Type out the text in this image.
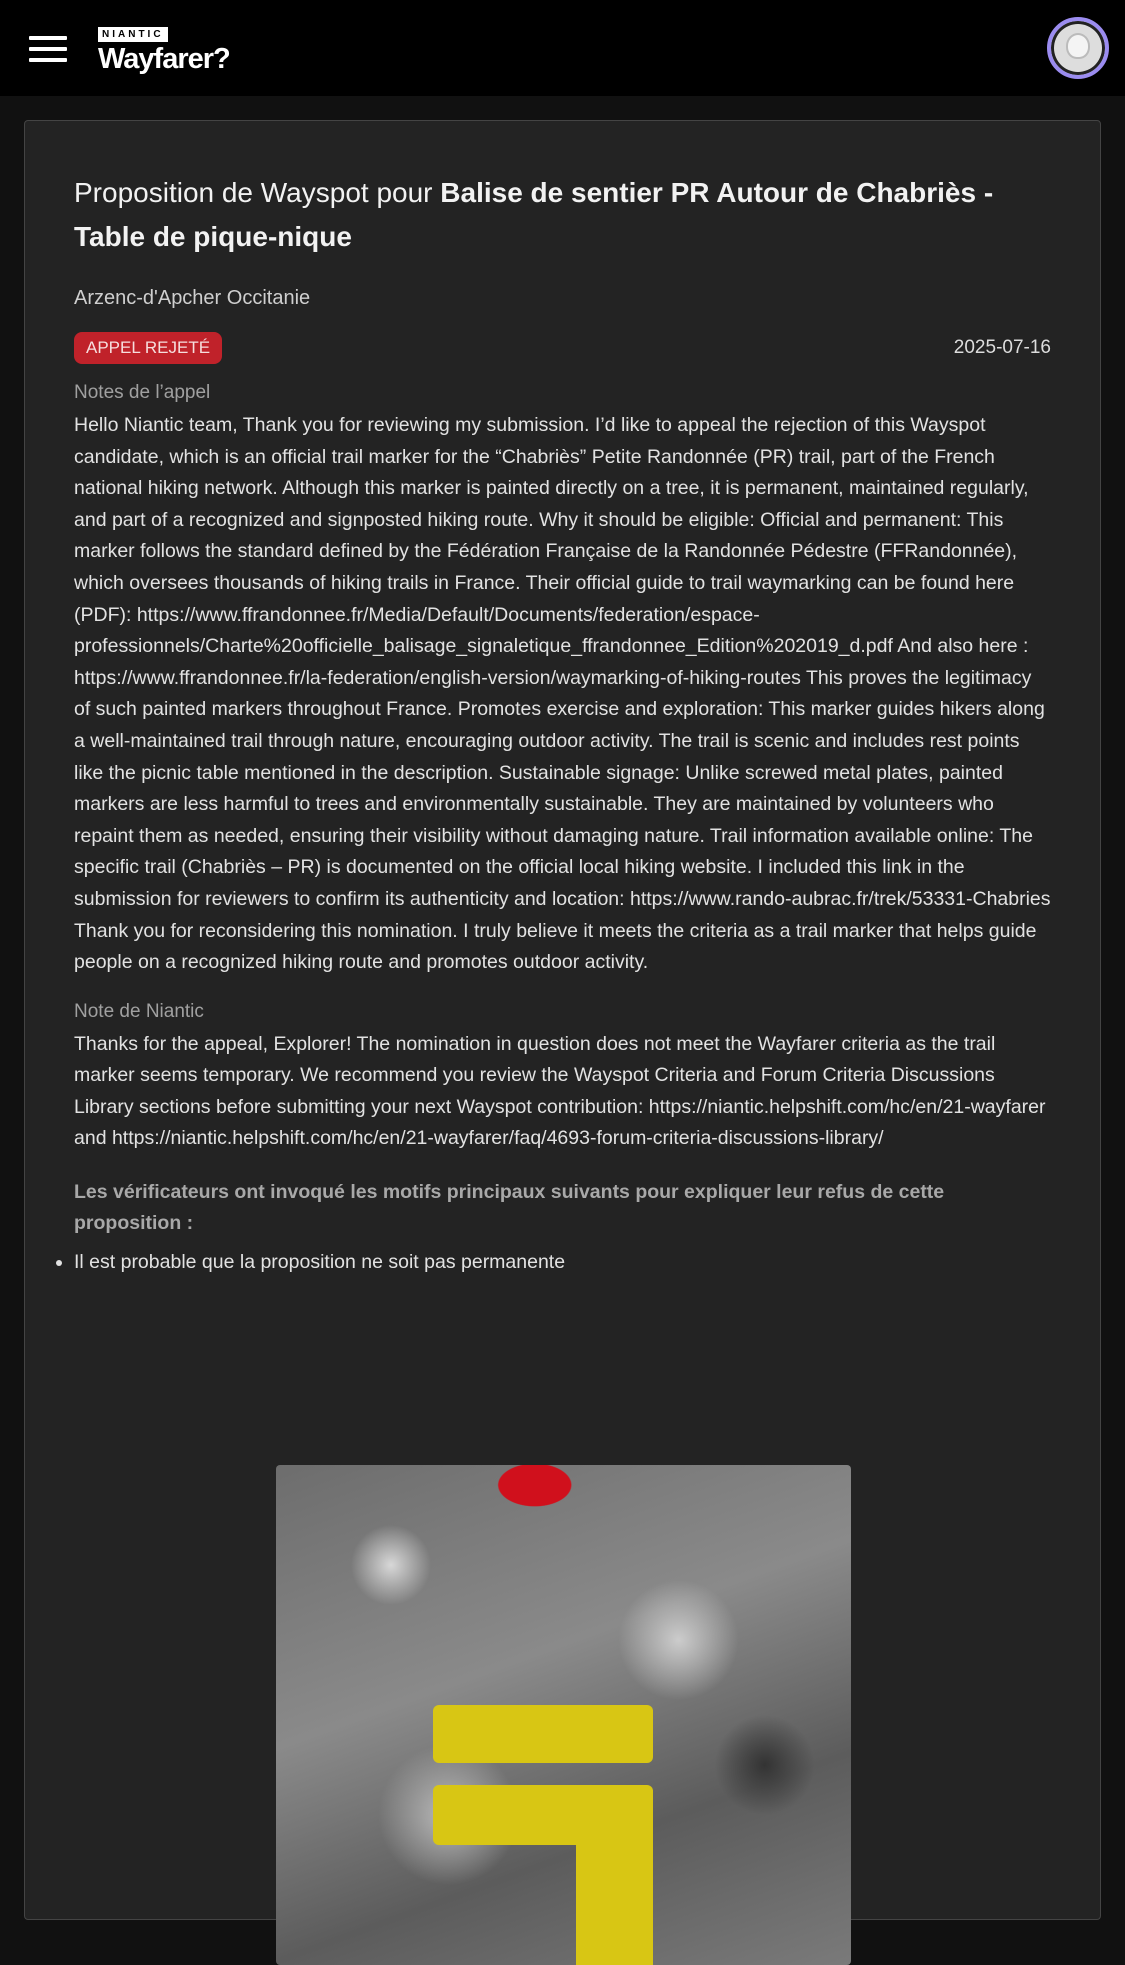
NIANTIC
Wayfarer?
Proposition de Wayspot pour Balise de sentier PR Autour de Chabriès - Table de pique-nique
Arzenc-d'Apcher Occitanie
APPEL REJETÉ	2025-07-16
Notes de l’appel
Hello Niantic team, Thank you for reviewing my submission. I’d like to appeal the rejection of this Wayspot candidate, which is an official trail marker for the “Chabriès” Petite Randonnée (PR) trail, part of the French national hiking network. Although this marker is painted directly on a tree, it is permanent, maintained regularly, and part of a recognized and signposted hiking route. Why it should be eligible: Official and permanent: This marker follows the standard defined by the Fédération Française de la Randonnée Pédestre (FFRandonnée), which oversees thousands of hiking trails in France. Their official guide to trail waymarking can be found here (PDF): https://www.ffrandonnee.fr/Media/Default/Documents/federation/espace-professionnels/Charte%20officielle_balisage_signaletique_ffrandonnee_Edition%202019_d.pdf And also here : https://www.ffrandonnee.fr/la-federation/english-version/waymarking-of-hiking-routes This proves the legitimacy of such painted markers throughout France. Promotes exercise and exploration: This marker guides hikers along a well-maintained trail through nature, encouraging outdoor activity. The trail is scenic and includes rest points like the picnic table mentioned in the description. Sustainable signage: Unlike screwed metal plates, painted markers are less harmful to trees and environmentally sustainable. They are maintained by volunteers who repaint them as needed, ensuring their visibility without damaging nature. Trail information available online: The specific trail (Chabriès – PR) is documented on the official local hiking website. I included this link in the submission for reviewers to confirm its authenticity and location: https://www.rando-aubrac.fr/trek/53331-Chabries Thank you for reconsidering this nomination. I truly believe it meets the criteria as a trail marker that helps guide people on a recognized hiking route and promotes outdoor activity.
Note de Niantic
Thanks for the appeal, Explorer! The nomination in question does not meet the Wayfarer criteria as the trail marker seems temporary. We recommend you review the Wayspot Criteria and Forum Criteria Discussions Library sections before submitting your next Wayspot contribution: https://niantic.helpshift.com/hc/en/21-wayfarer and https://niantic.helpshift.com/hc/en/21-wayfarer/faq/4693-forum-criteria-discussions-library/
Les vérificateurs ont invoqué les motifs principaux suivants pour expliquer leur refus de cette proposition :
• Il est probable que la proposition ne soit pas permanente
